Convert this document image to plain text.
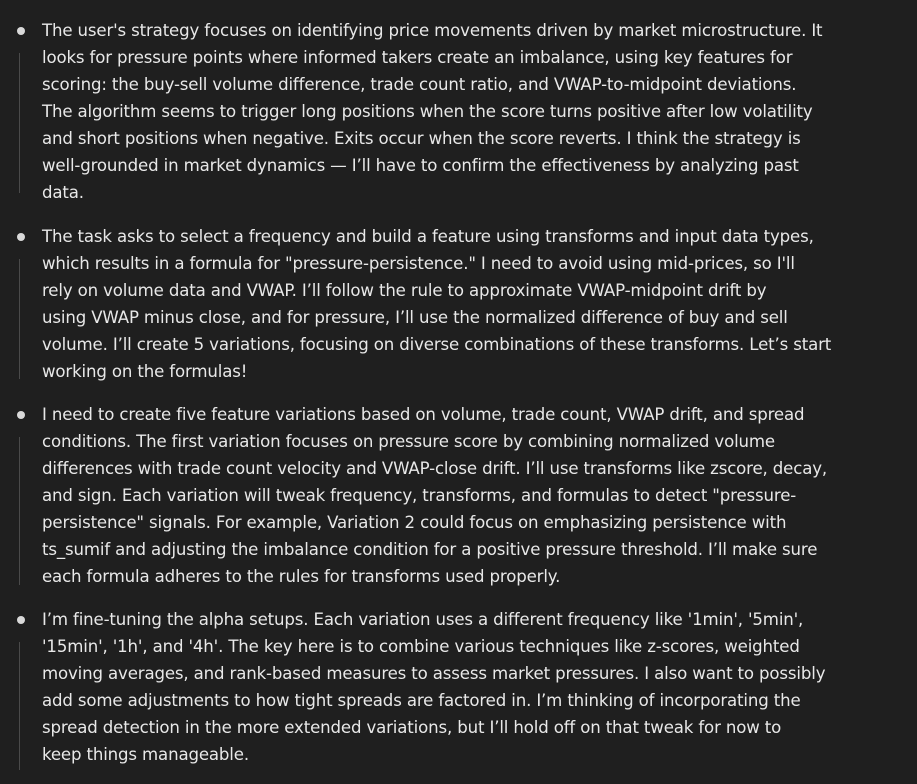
The user's strategy focuses on identifying price movements driven by market microstructure. It
looks for pressure points where informed takers create an imbalance, using key features for
scoring: the buy-sell volume difference, trade count ratio, and VWAP-to-midpoint deviations.
The algorithm seems to trigger long positions when the score turns positive after low volatility
and short positions when negative. Exits occur when the score reverts. I think the strategy is
well-grounded in market dynamics — I’ll have to confirm the effectiveness by analyzing past
data.

The task asks to select a frequency and build a feature using transforms and input data types,
which results in a formula for "pressure-persistence." I need to avoid using mid-prices, so I'll
rely on volume data and VWAP. I’ll follow the rule to approximate VWAP-midpoint drift by
using VWAP minus close, and for pressure, I’ll use the normalized difference of buy and sell
volume. I’ll create 5 variations, focusing on diverse combinations of these transforms. Let’s start
working on the formulas!

I need to create five feature variations based on volume, trade count, VWAP drift, and spread
conditions. The first variation focuses on pressure score by combining normalized volume
differences with trade count velocity and VWAP-close drift. I’ll use transforms like zscore, decay,
and sign. Each variation will tweak frequency, transforms, and formulas to detect "pressure-
persistence" signals. For example, Variation 2 could focus on emphasizing persistence with
ts_sumif and adjusting the imbalance condition for a positive pressure threshold. I’ll make sure
each formula adheres to the rules for transforms used properly.

I’m fine-tuning the alpha setups. Each variation uses a different frequency like '1min', '5min',
'15min', '1h', and '4h'. The key here is to combine various techniques like z-scores, weighted
moving averages, and rank-based measures to assess market pressures. I also want to possibly
add some adjustments to how tight spreads are factored in. I’m thinking of incorporating the
spread detection in the more extended variations, but I’ll hold off on that tweak for now to
keep things manageable.
